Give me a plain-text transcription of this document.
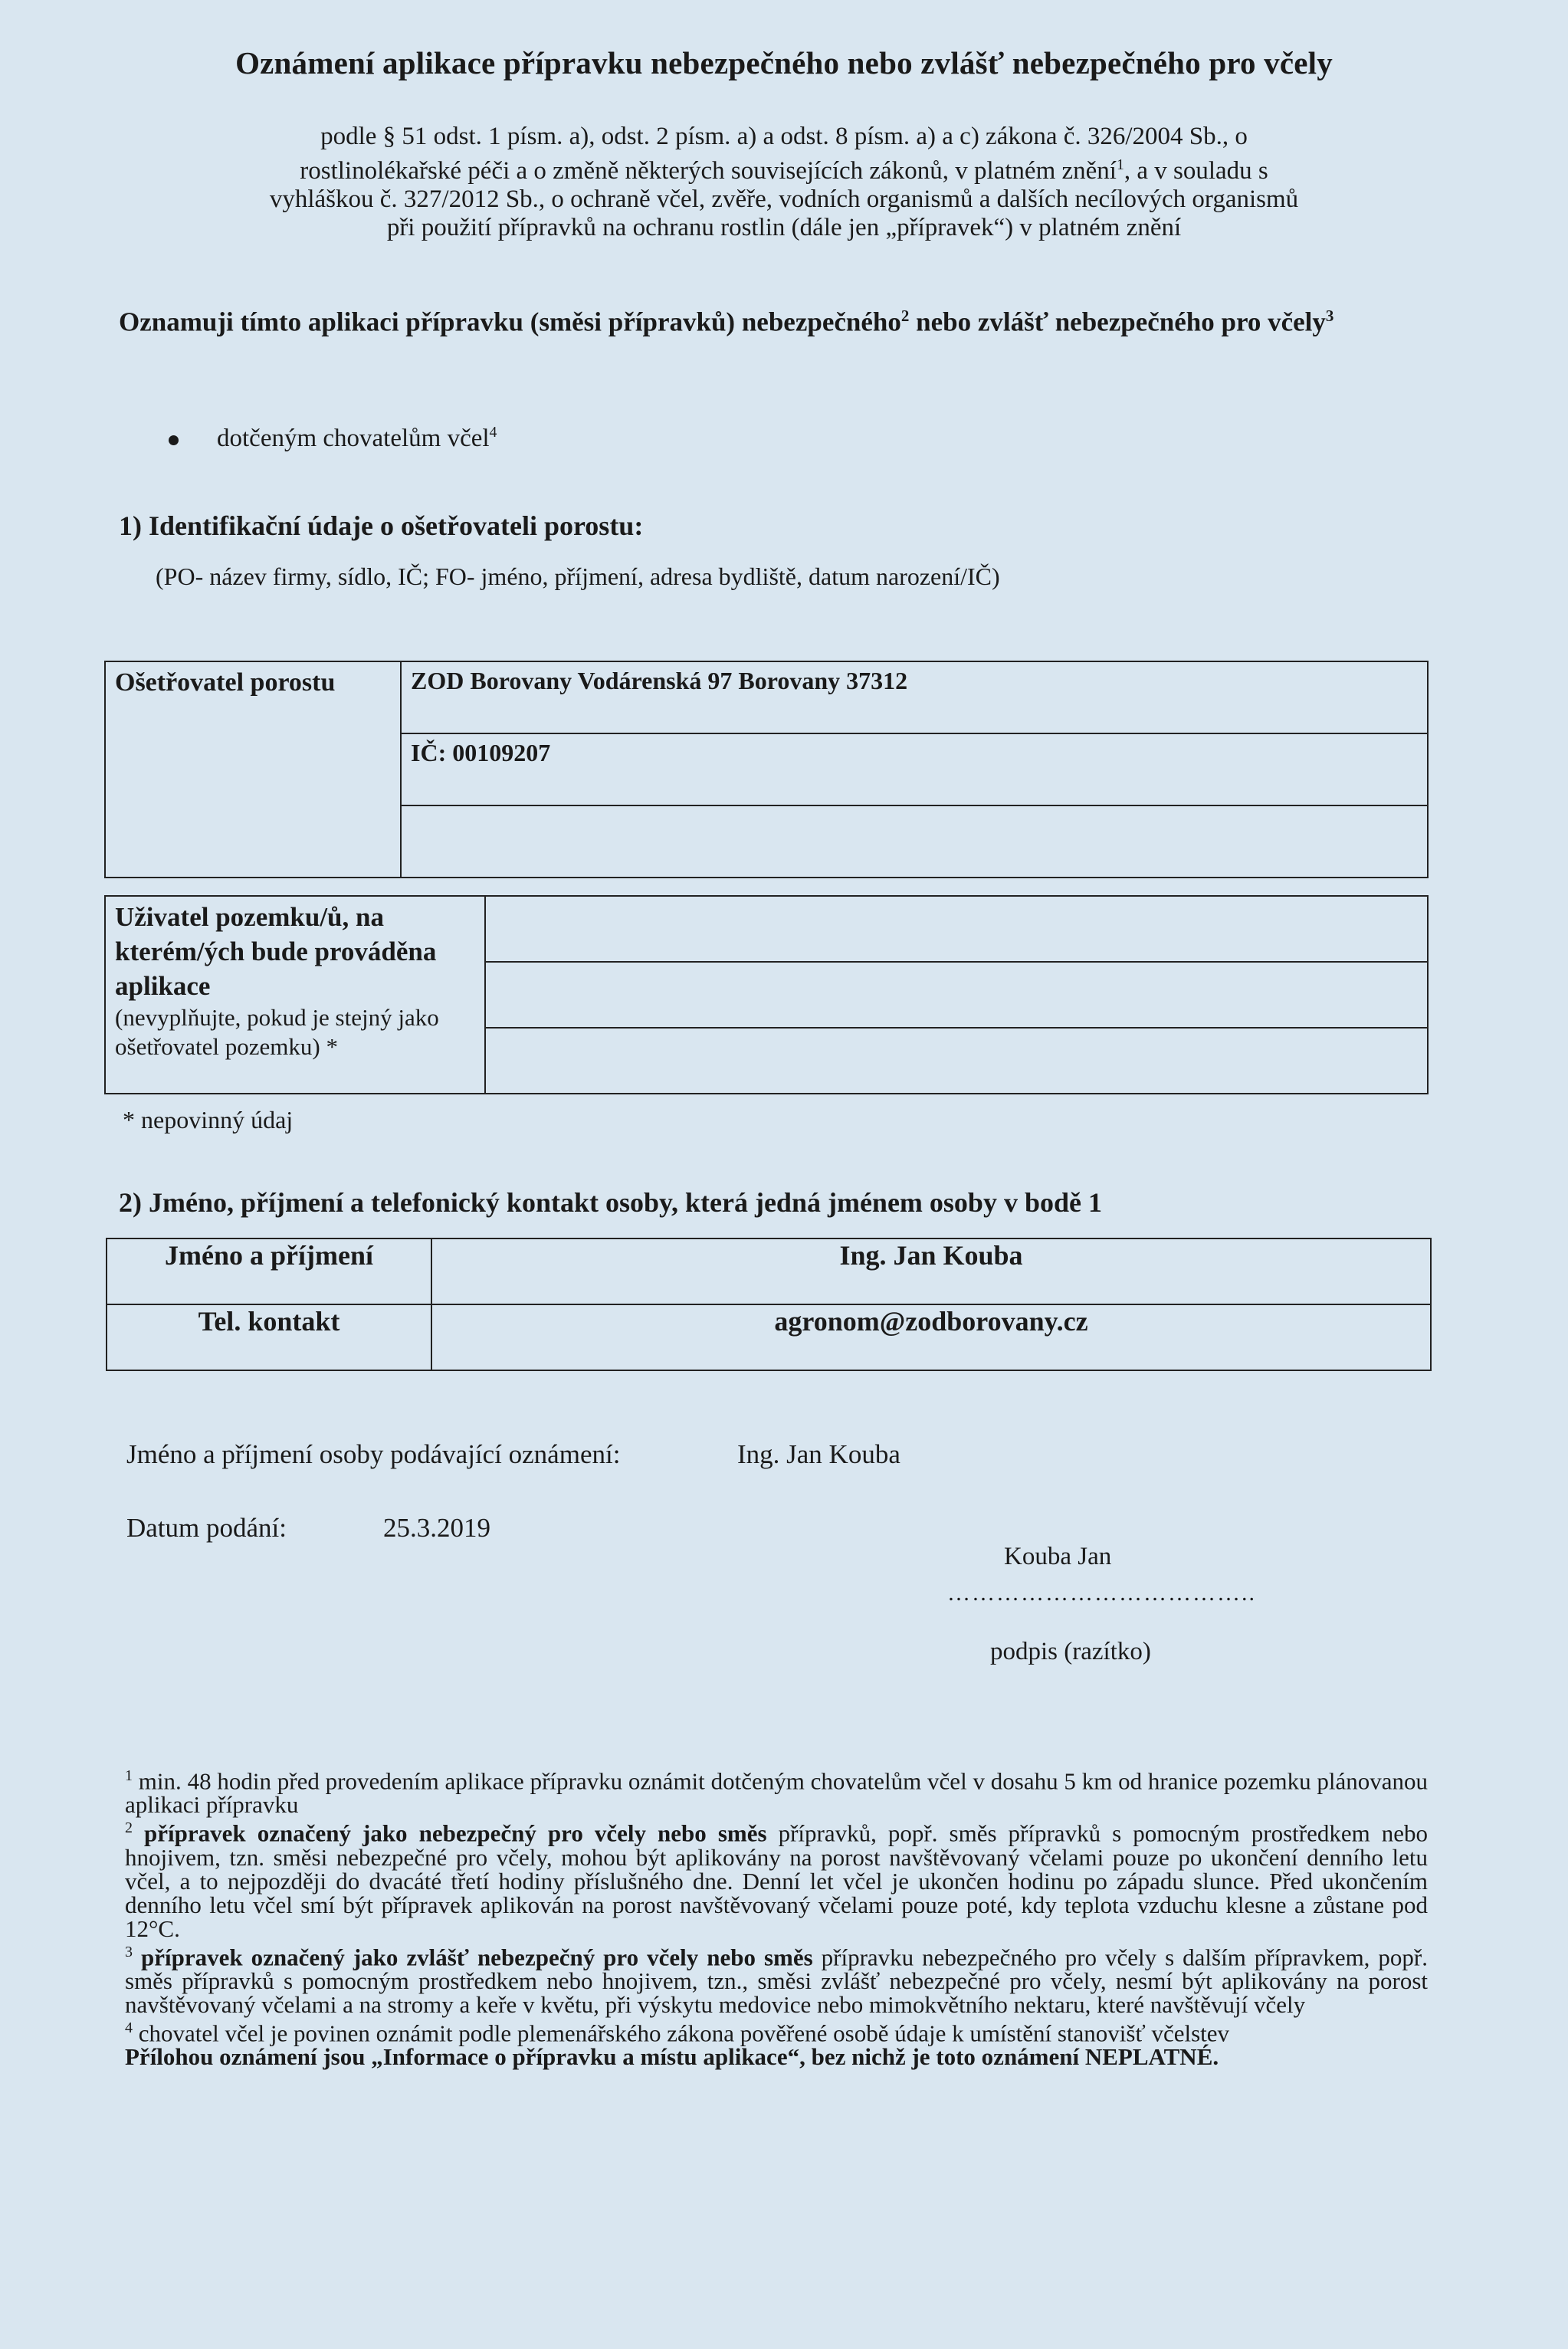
Oznámení aplikace přípravku nebezpečného nebo zvlášť nebezpečného pro včely
podle § 51 odst. 1 písm. a), odst. 2 písm. a) a odst. 8 písm. a) a c) zákona č. 326/2004 Sb., o
rostlinolékařské péči a o změně některých souvisejících zákonů, v platném znění$^1$, a v souladu s
vyhláškou č. 327/2012 Sb., o ochraně včel, zvěře, vodních organismů a dalších necílových organismů
při použití přípravků na ochranu rostlin (dále jen „přípravek“) v platném znění
Oznamuji tímto aplikaci přípravku (směsi přípravků) nebezpečného$^2$ nebo zvlášť nebezpečného pro včely$^3$
dotčeným chovatelům včel$^4$
1) Identifikační údaje o ošetřovateli porostu:
(PO- název firmy, sídlo, IČ; FO- jméno, příjmení, adresa bydliště, datum narození/IČ)
Ošetřovatel porostu	ZOD Borovany Vodárenská 97 Borovany 37312
IČ: 00109207

Uživatel pozemku/ů, na kterém/ých bude prováděna aplikace
(nevyplňujte, pokud je stejný jako ošetřovatel pozemku) *

* nepovinný údaj
2) Jméno, příjmení a telefonický kontakt osoby, která jedná jménem osoby v bodě 1
Jméno a příjmení	Ing. Jan Kouba
Tel. kontakt	agronom@zodborovany.cz
Jméno a příjmení osoby podávající oznámení:	Ing. Jan Kouba
Datum podání:	25.3.2019
Kouba Jan
………………………………..
podpis (razítko)

$^1$ min. 48 hodin před provedením aplikace přípravku oznámit dotčeným chovatelům včel v dosahu 5 km od hranice pozemku plánovanou aplikaci přípravku

$^2$ přípravek označený jako nebezpečný pro včely nebo směs přípravků, popř. směs přípravků s pomocným prostředkem nebo hnojivem, tzn. směsi nebezpečné pro včely, mohou být aplikovány na porost navštěvovaný včelami pouze po ukončení denního letu včel, a to nejpozději do dvacáté třetí hodiny příslušného dne. Denní let včel je ukončen hodinu po západu slunce. Před ukončením denního letu včel smí být přípravek aplikován na porost navštěvovaný včelami pouze poté, kdy teplota vzduchu klesne a zůstane pod 12°C.

$^3$ přípravek označený jako zvlášť nebezpečný pro včely nebo směs přípravku nebezpečného pro včely s dalším přípravkem, popř. směs přípravků s pomocným prostředkem nebo hnojivem, tzn., směsi zvlášť nebezpečné pro včely, nesmí být aplikovány na porost navštěvovaný včelami a na stromy a keře v květu, při výskytu medovice nebo mimokvětního nektaru, které navštěvují včely

$^4$ chovatel včel je povinen oznámit podle plemenářského zákona pověřené osobě údaje k umístění stanovišť včelstev

Přílohou oznámení jsou „Informace o přípravku a místu aplikace“, bez nichž je toto oznámení NEPLATNÉ.
